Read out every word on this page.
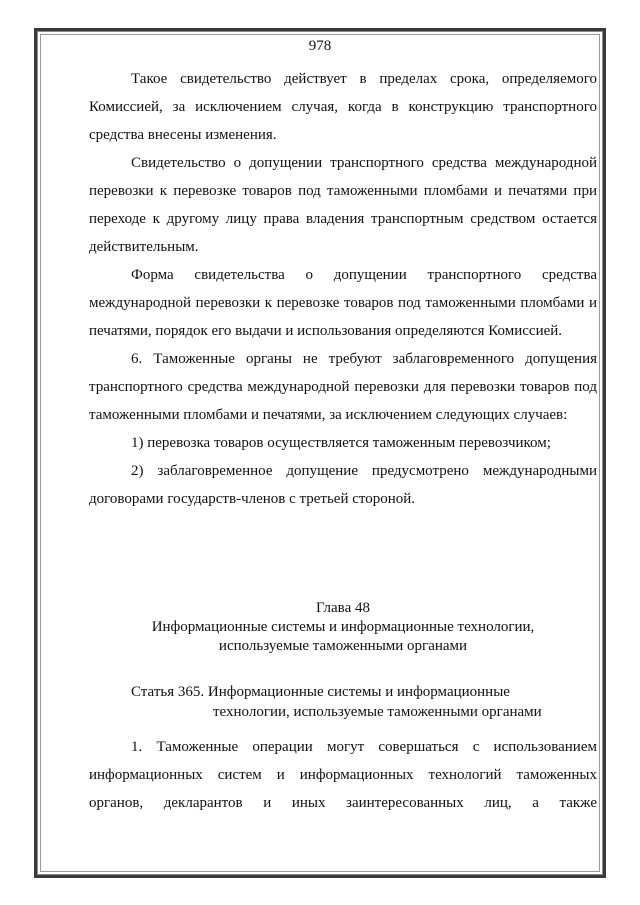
978

Такое свидетельство действует в пределах срока, определяемого Комиссией, за исключением случая, когда в конструкцию транспортного средства внесены изменения.

Свидетельство о допущении транспортного средства международной перевозки к перевозке товаров под таможенными пломбами и печатями при переходе к другому лицу права владения транспортным средством остается действительным.

Форма свидетельства о допущении транспортного средства международной перевозки к перевозке товаров под таможенными пломбами и печатями, порядок его выдачи и использования определяются Комиссией.

6. Таможенные органы не требуют заблаговременного допущения транспортного средства международной перевозки для перевозки товаров под таможенными пломбами и печатями, за исключением следующих случаев:

1) перевозка товаров осуществляется таможенным перевозчиком;

2) заблаговременное допущение предусмотрено международными договорами государств-членов с третьей стороной.

Глава 48
Информационные системы и информационные технологии,
используемые таможенными органами
Статья 365. Информационные системы и информационные
технологии, используемые таможенными органами

1. Таможенные операции могут совершаться с использованием информационных систем и информационных технологий таможенных органов, декларантов и иных заинтересованных лиц, а также
